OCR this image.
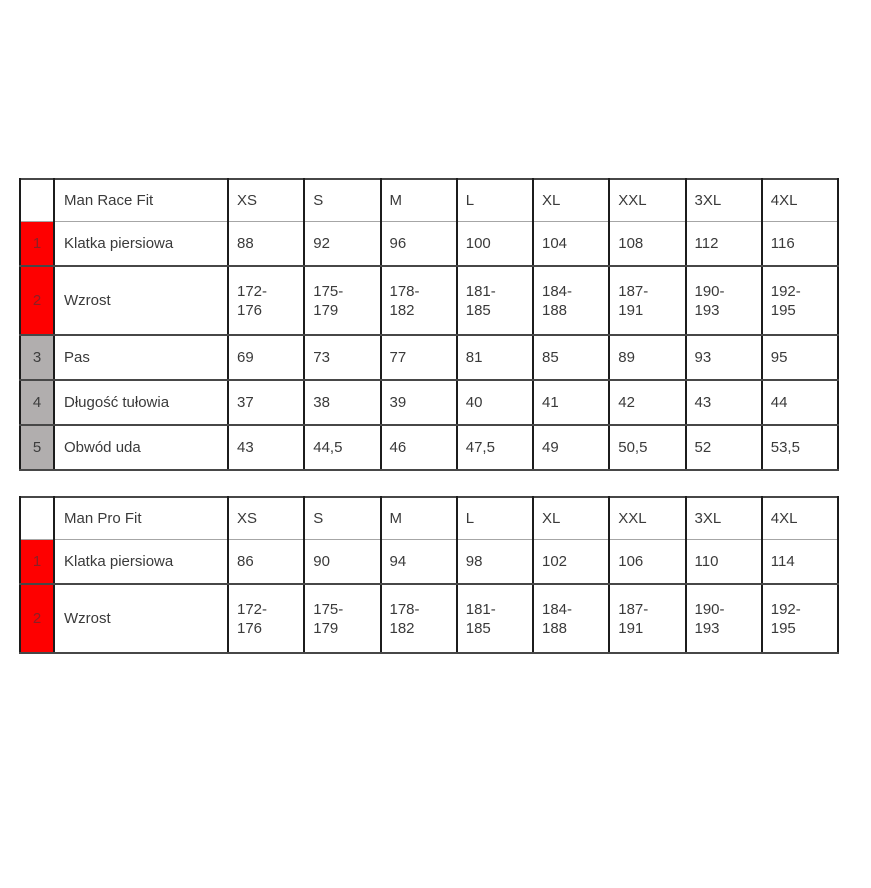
	Man Race Fit	XS	S	M	L	XL	XXL	3XL	4XL
1	Klatka piersiowa	88	92	96	100	104	108	112	116
2	Wzrost	172-176	175-179	178-182	181-185	184-188	187-191	190-193	192-195
3	Pas	69	73	77	81	85	89	93	95
4	Długość tułowia	37	38	39	40	41	42	43	44
5	Obwód uda	43	44,5	46	47,5	49	50,5	52	53,5
	Man Pro Fit	XS	S	M	L	XL	XXL	3XL	4XL
1	Klatka piersiowa	86	90	94	98	102	106	110	114
2	Wzrost	172-176	175-179	178-182	181-185	184-188	187-191	190-193	192-195
